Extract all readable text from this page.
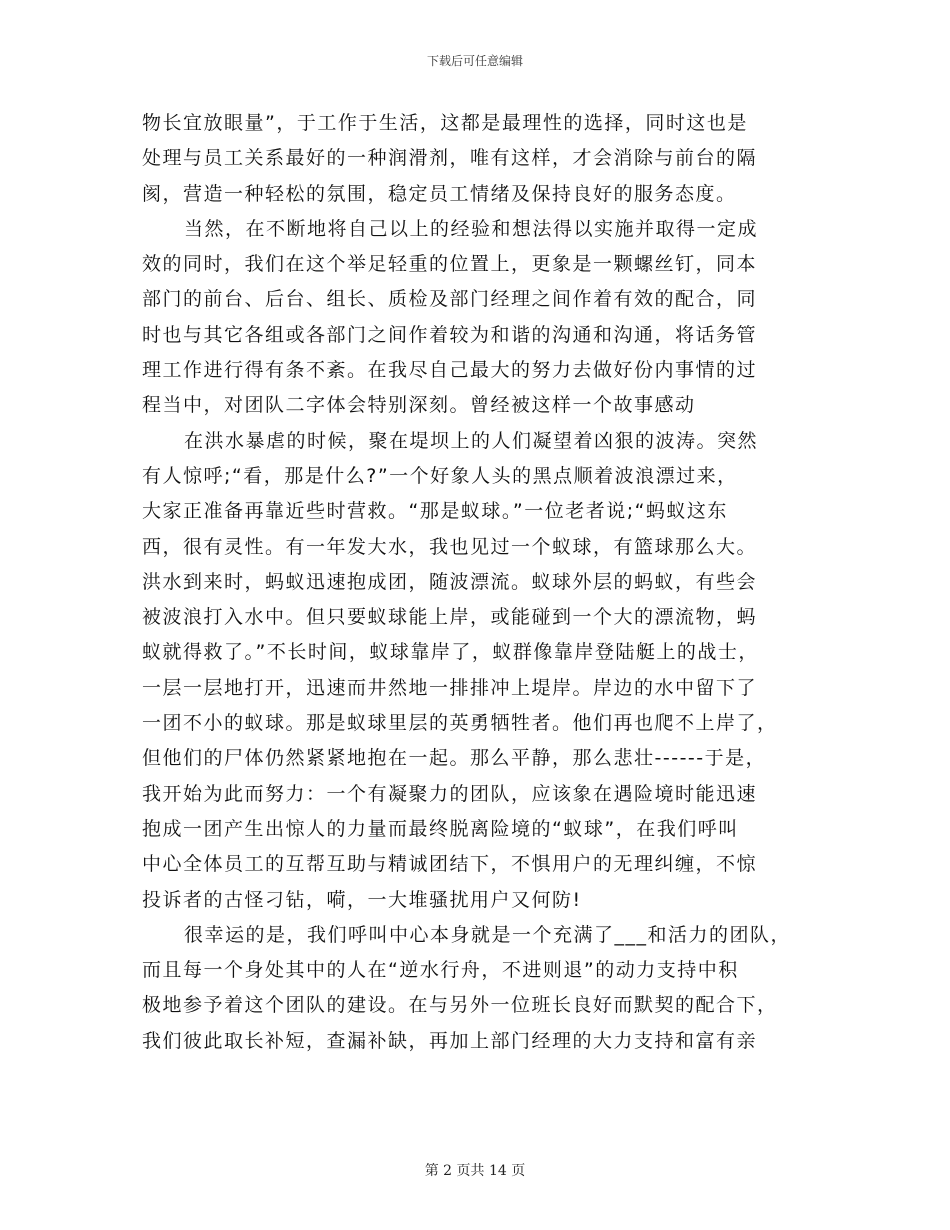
下载后可任意编辑
物长宜放眼量”，于工作于生活，这都是最理性的选择，同时这也是
处理与员工关系最好的一种润滑剂，唯有这样，才会消除与前台的隔
阂，营造一种轻松的氛围，稳定员工情绪及保持良好的服务态度。
当然，在不断地将自己以上的经验和想法得以实施并取得一定成
效的同时，我们在这个举足轻重的位置上，更象是一颗螺丝钉，同本
部门的前台、后台、组长、质检及部门经理之间作着有效的配合，同
时也与其它各组或各部门之间作着较为和谐的沟通和沟通，将话务管
理工作进行得有条不紊。在我尽自己最大的努力去做好份内事情的过
程当中，对团队二字体会特别深刻。曾经被这样一个故事感动
在洪水暴虐的时候，聚在堤坝上的人们凝望着凶狠的波涛。突然
有人惊呼;“看，那是什么?”一个好象人头的黑点顺着波浪漂过来，
大家正准备再靠近些时营救。“那是蚁球。”一位老者说;“蚂蚁这东
西，很有灵性。有一年发大水，我也见过一个蚁球，有篮球那么大。
洪水到来时，蚂蚁迅速抱成团，随波漂流。蚁球外层的蚂蚁，有些会
被波浪打入水中。但只要蚁球能上岸，或能碰到一个大的漂流物，蚂
蚁就得救了。”不长时间，蚁球靠岸了，蚁群像靠岸登陆艇上的战士，
一层一层地打开，迅速而井然地一排排冲上堤岸。岸边的水中留下了
一团不小的蚁球。那是蚁球里层的英勇牺牲者。他们再也爬不上岸了，
但他们的尸体仍然紧紧地抱在一起。那么平静，那么悲壮------于是，
我开始为此而努力：一个有凝聚力的团队，应该象在遇险境时能迅速
抱成一团产生出惊人的力量而最终脱离险境的“蚁球”，在我们呼叫
中心全体员工的互帮互助与精诚团结下，不惧用户的无理纠缠，不惊
投诉者的古怪刁钻，嗬，一大堆骚扰用户又何防!
很幸运的是，我们呼叫中心本身就是一个充满了___和活力的团队，
而且每一个身处其中的人在“逆水行舟，不进则退”的动力支持中积
极地参予着这个团队的建设。在与另外一位班长良好而默契的配合下，
我们彼此取长补短，查漏补缺，再加上部门经理的大力支持和富有亲
第 2 页共 14 页
